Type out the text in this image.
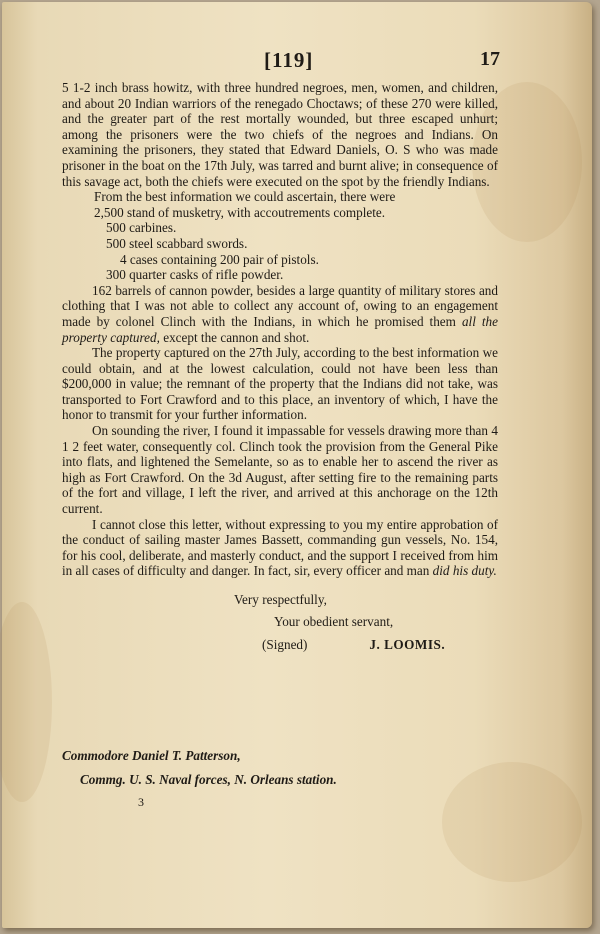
[119]	17

5 1-2 inch brass howitz, with three hundred negroes, men, women, and children, and about 20 Indian warriors of the renegado Choctaws; of these 270 were killed, and the greater part of the rest mortally wounded, but three escaped unhurt; among the prisoners were the two chiefs of the negroes and Indians. On examining the prisoners, they stated that Edward Daniels, O. S who was made prisoner in the boat on the 17th July, was tarred and burnt alive; in consequence of this savage act, both the chiefs were executed on the spot by the friendly Indians.

From the best information we could ascertain, there were

2,500 stand of musketry, with accoutrements complete.
500 carbines.
500 steel scabbard swords.
4 cases containing 200 pair of pistols.
300 quarter casks of rifle powder.

162 barrels of cannon powder, besides a large quantity of military stores and clothing that I was not able to collect any account of, owing to an engagement made by colonel Clinch with the Indians, in which he promised them all the property captured, except the cannon and shot.

The property captured on the 27th July, according to the best information we could obtain, and at the lowest calculation, could not have been less than $200,000 in value; the remnant of the property that the Indians did not take, was transported to Fort Crawford and to this place, an inventory of which, I have the honor to transmit for your further information.

On sounding the river, I found it impassable for vessels drawing more than 4 1 2 feet water, consequently col. Clinch took the provision from the General Pike into flats, and lightened the Semelante, so as to enable her to ascend the river as high as Fort Crawford. On the 3d August, after setting fire to the remaining parts of the fort and village, I left the river, and arrived at this anchorage on the 12th current.

I cannot close this letter, without expressing to you my entire approbation of the conduct of sailing master James Bassett, commanding gun vessels, No. 154, for his cool, deliberate, and masterly conduct, and the support I received from him in all cases of difficulty and danger. In fact, sir, every officer and man did his duty.

Very respectfully,
Your obedient servant,
(Signed)	J. LOOMIS.
Commodore Daniel T. Patterson,
Commg. U. S. Naval forces, N. Orleans station.
3
